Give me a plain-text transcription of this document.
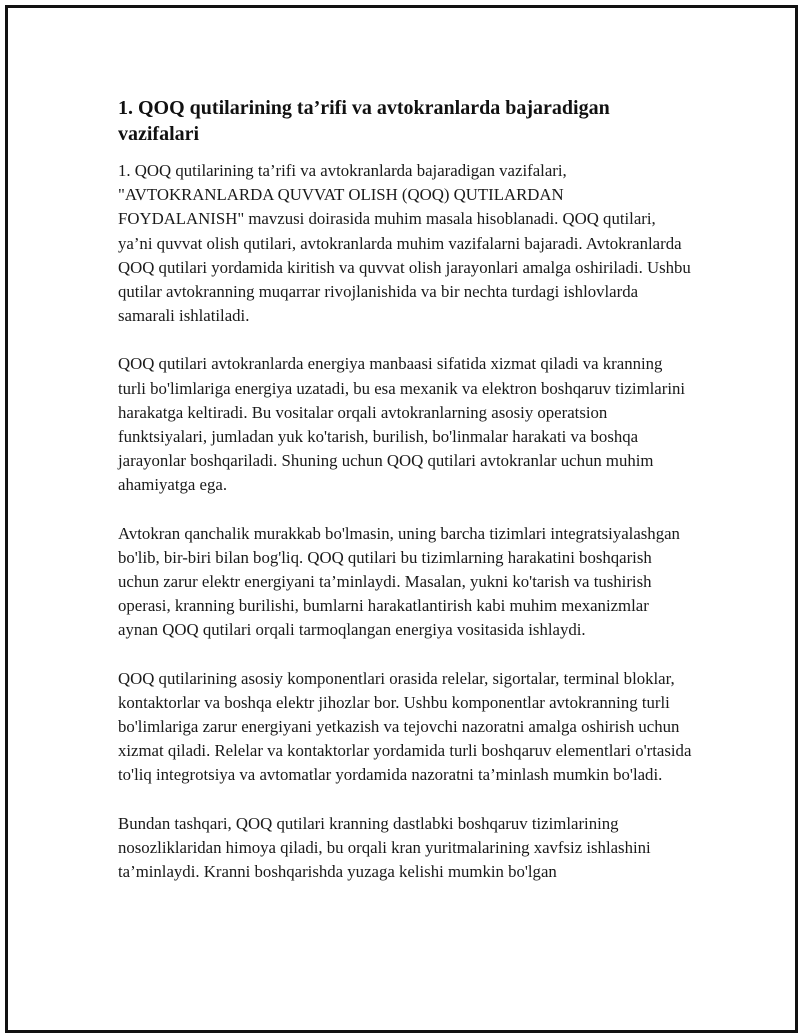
1. QOQ qutilarining ta’rifi va avtokranlarda bajaradigan vazifalari

1. QOQ qutilarining ta’rifi va avtokranlarda bajaradigan vazifalari, "AVTOKRANLARDA QUVVAT OLISH (QOQ) QUTILARDAN FOYDALANISH" mavzusi doirasida muhim masala hisoblanadi. QOQ qutilari, ya’ni quvvat olish qutilari, avtokranlarda muhim vazifalarni bajaradi. Avtokranlarda QOQ qutilari yordamida kiritish va quvvat olish jarayonlari amalga oshiriladi. Ushbu qutilar avtokranning muqarrar rivojlanishida va bir nechta turdagi ishlovlarda samarali ishlatiladi.

QOQ qutilari avtokranlarda energiya manbaasi sifatida xizmat qiladi va kranning turli bo'limlariga energiya uzatadi, bu esa mexanik va elektron boshqaruv tizimlarini harakatga keltiradi. Bu vositalar orqali avtokranlarning asosiy operatsion funktsiyalari, jumladan yuk ko'tarish, burilish, bo'linmalar harakati va boshqa jarayonlar boshqariladi. Shuning uchun QOQ qutilari avtokranlar uchun muhim ahamiyatga ega.

Avtokran qanchalik murakkab bo'lmasin, uning barcha tizimlari integratsiyalashgan bo'lib, bir-biri bilan bog'liq. QOQ qutilari bu tizimlarning harakatini boshqarish uchun zarur elektr energiyani ta’minlaydi. Masalan, yukni ko'tarish va tushirish operasi, kranning burilishi, bumlarni harakatlantirish kabi muhim mexanizmlar aynan QOQ qutilari orqali tarmoqlangan energiya vositasida ishlaydi.

QOQ qutilarining asosiy komponentlari orasida relelar, sigortalar, terminal bloklar, kontaktorlar va boshqa elektr jihozlar bor. Ushbu komponentlar avtokranning turli bo'limlariga zarur energiyani yetkazish va tejovchi nazoratni amalga oshirish uchun xizmat qiladi. Relelar va kontaktorlar yordamida turli boshqaruv elementlari o'rtasida to'liq integrotsiya va avtomatlar yordamida nazoratni ta’minlash mumkin bo'ladi.

Bundan tashqari, QOQ qutilari kranning dastlabki boshqaruv tizimlarining nosozliklaridan himoya qiladi, bu orqali kran yuritmalarining xavfsiz ishlashini ta’minlaydi. Kranni boshqarishda yuzaga kelishi mumkin bo'lgan
